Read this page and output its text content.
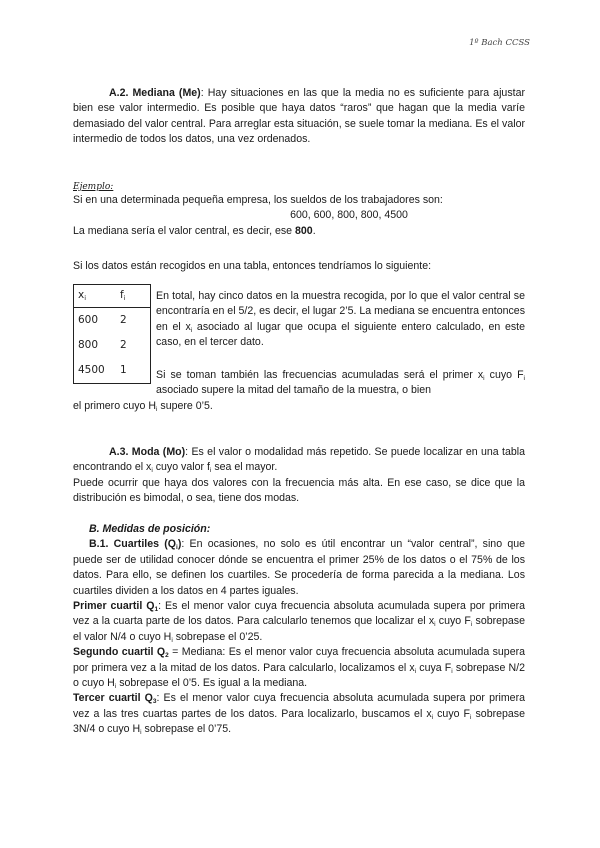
1º Bach CCSS

A.2. Mediana (Me): Hay situaciones en las que la media no es suficiente para ajustar bien ese valor intermedio. Es posible que haya datos “raros” que hagan que la media varíe demasiado del valor central. Para arreglar esta situación, se suele tomar la mediana. Es el valor intermedio de todos los datos, una vez ordenados.

Ejemplo:

Si en una determinada pequeña empresa, los sueldos de los trabajadores son:

600, 600, 800, 800, 4500

La mediana sería el valor central, es decir, ese 800.

Si los datos están recogidos en una tabla, entonces tendríamos lo siguiente:

$x_i$	$f_i$
600	2
800	2
4500	1

En total, hay cinco datos en la muestra recogida, por lo que el valor central se encontraría en el 5/2, es decir, el lugar 2’5. La mediana se encuentra entonces en el $x_i$ asociado al lugar que ocupa el siguiente entero calculado, en este caso, en el tercer dato.

Si se toman también las frecuencias acumuladas será el primer $x_i$ cuyo $F_i$ asociado supere la mitad del tamaño de la muestra, o bien

el primero cuyo $H_i$ supere 0’5.

A.3. Moda (Mo): Es el valor o modalidad más repetido. Se puede localizar en una tabla encontrando el $x_i$ cuyo valor $f_i$ sea el mayor.

Puede ocurrir que haya dos valores con la frecuencia más alta. En ese caso, se dice que la distribución es bimodal, o sea, tiene dos modas.

B. Medidas de posición:

B.1. Cuartiles $(Q_i)$: En ocasiones, no solo es útil encontrar un “valor central”, sino que puede ser de utilidad conocer dónde se encuentra el primer 25% de los datos o el 75% de los datos. Para ello, se definen los cuartiles. Se procedería de forma parecida a la mediana. Los cuartiles dividen a los datos en 4 partes iguales.

Primer cuartil $Q_1$: Es el menor valor cuya frecuencia absoluta acumulada supera por primera vez a la cuarta parte de los datos. Para calcularlo tenemos que localizar el $x_i$ cuyo $F_i$ sobrepase el valor N/4 o cuyo $H_i$ sobrepase el 0’25.

Segundo cuartil $Q_2$ = Mediana: Es el menor valor cuya frecuencia absoluta acumulada supera por primera vez a la mitad de los datos. Para calcularlo, localizamos el $x_i$ cuya $F_i$ sobrepase N/2 o cuyo $H_i$ sobrepase el 0’5. Es igual a la mediana.

Tercer cuartil $Q_3$: Es el menor valor cuya frecuencia absoluta acumulada supera por primera vez a las tres cuartas partes de los datos. Para localizarlo, buscamos el $x_i$ cuyo $F_i$ sobrepase 3N/4 o cuyo $H_i$ sobrepase el 0’75.
